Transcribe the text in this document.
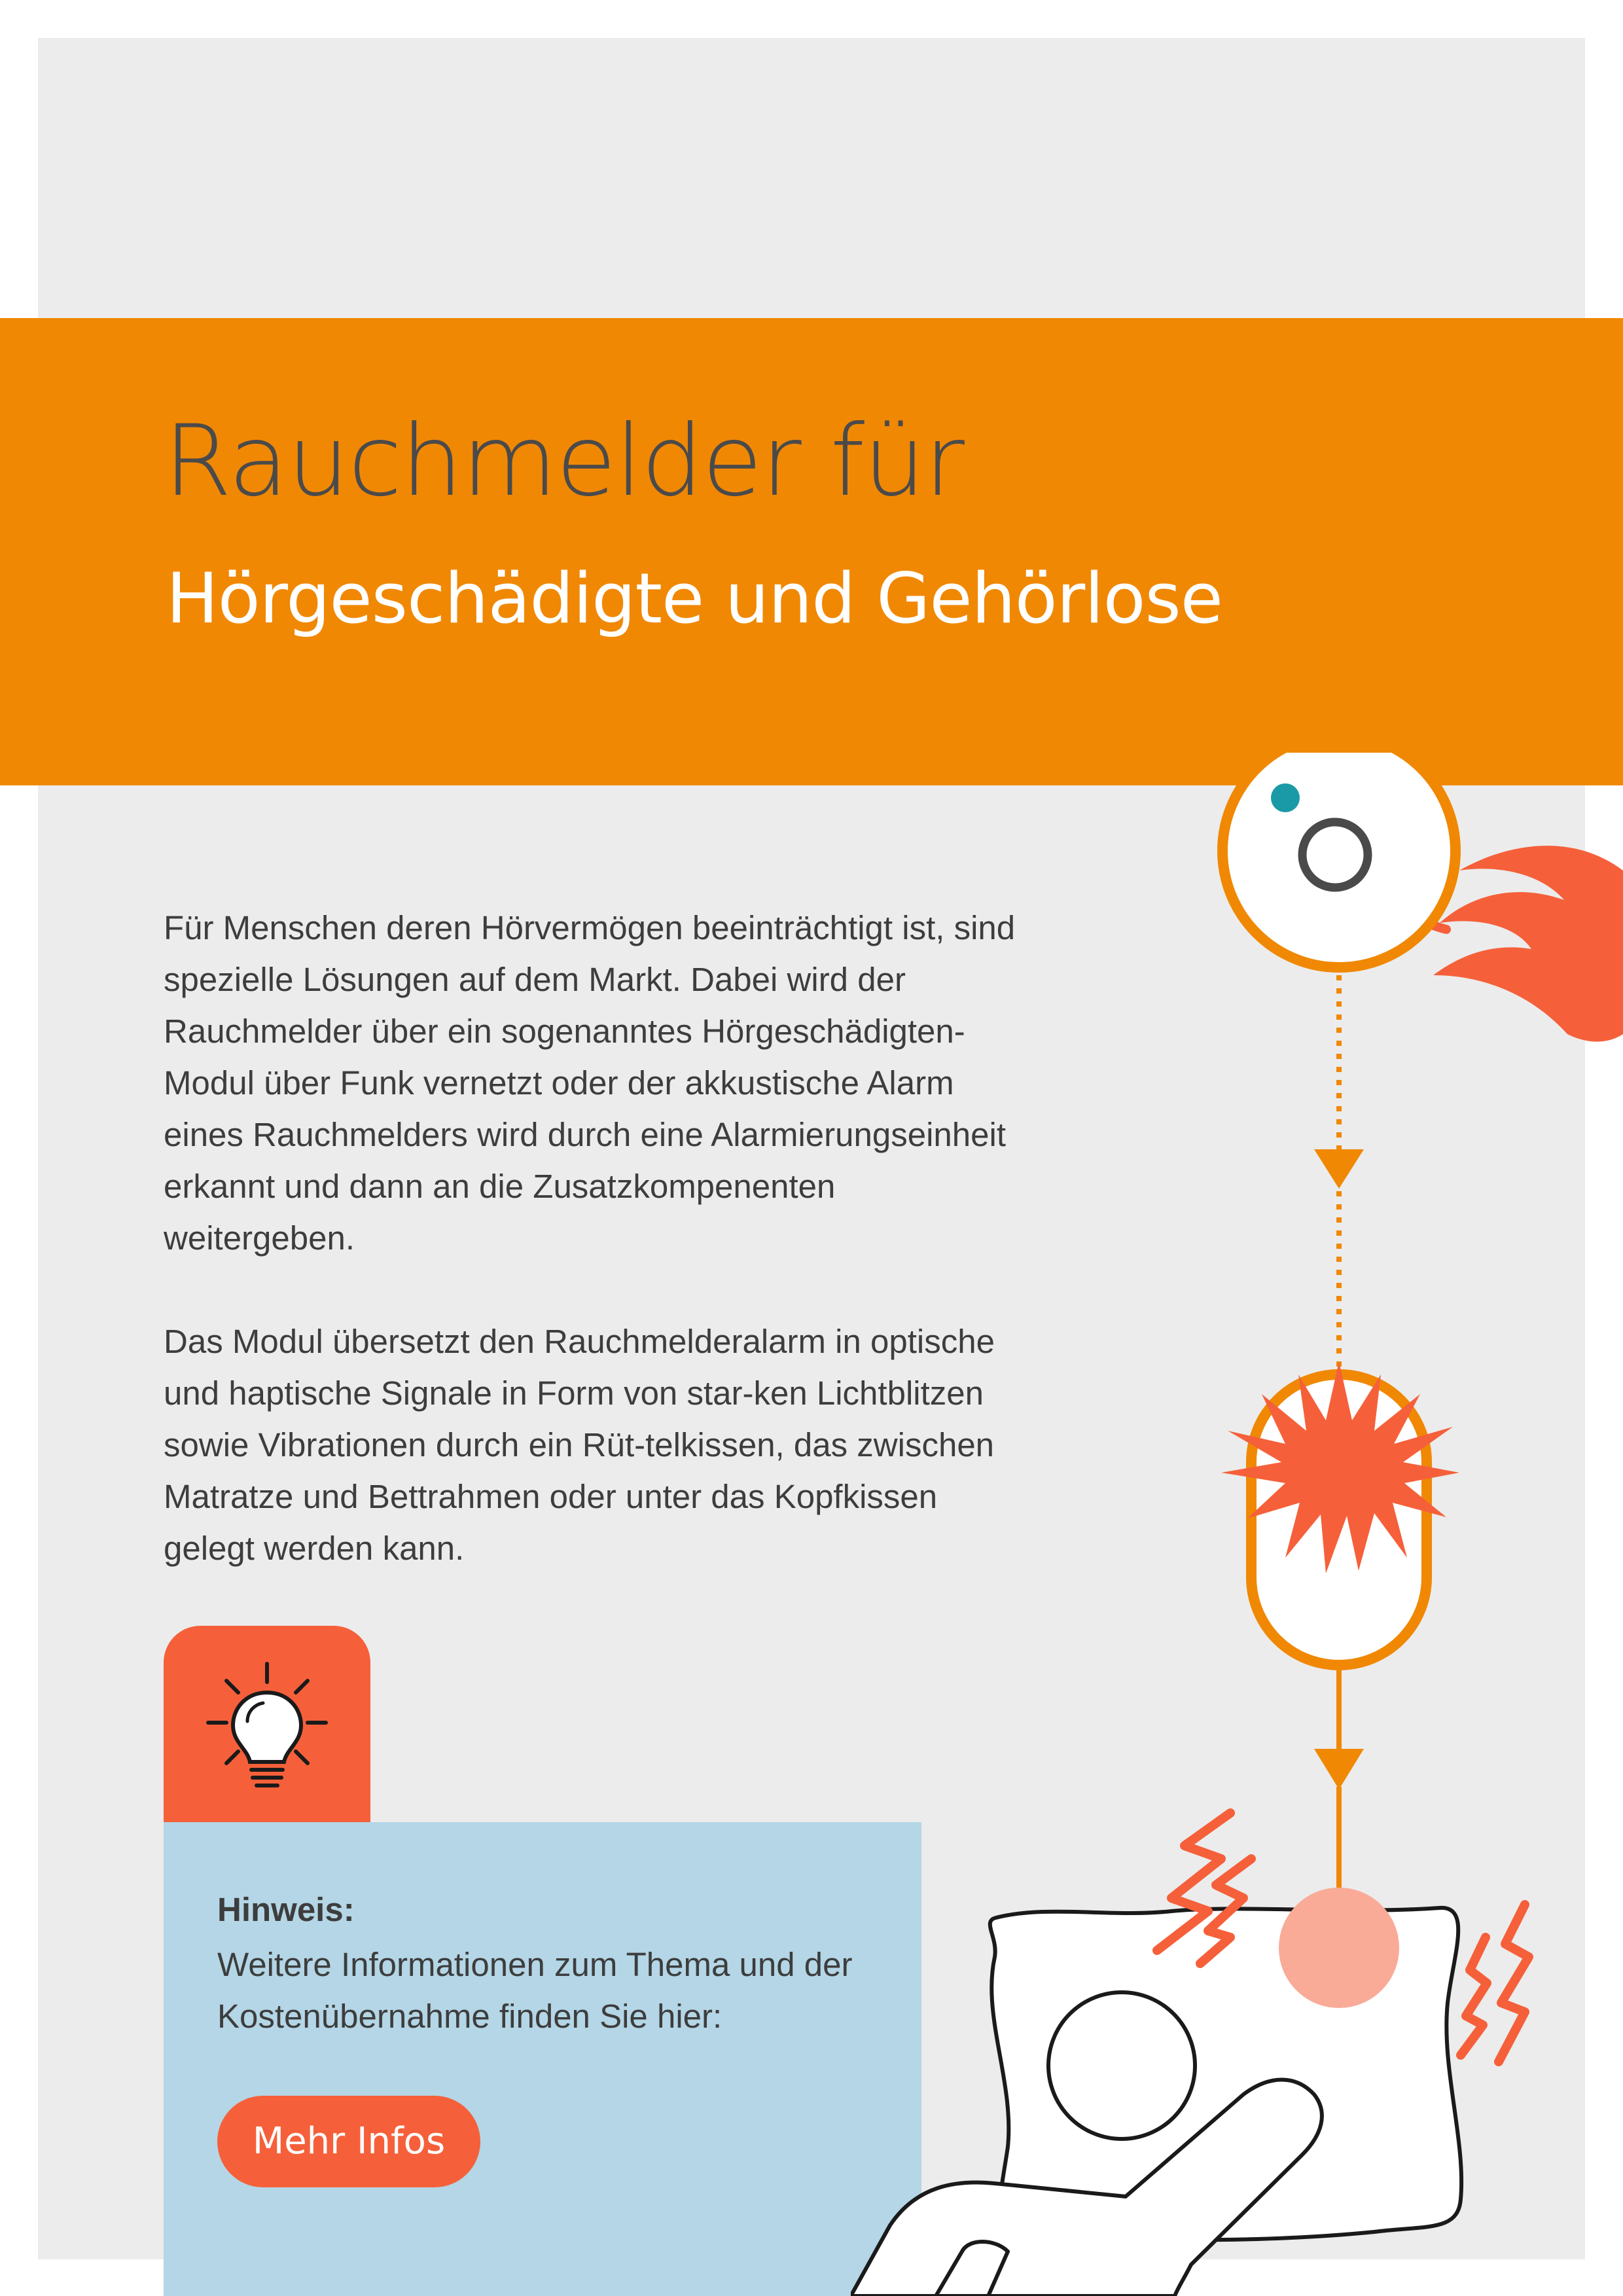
Rauchmelder für
Hörgeschädigte und Gehörlose

Für Menschen deren Hörvermögen beeinträchtigt ist, sind spezielle Lösungen auf dem Markt. Dabei wird der Rauchmelder über ein sogenanntes Hörgeschädigten-Modul über Funk vernetzt oder der akkustische Alarm eines Rauchmelders wird durch eine Alarmierungseinheit erkannt und dann an die Zusatzkompenenten weitergeben.

Das Modul übersetzt den Rauchmelderalarm in optische und haptische Signale in Form von star-ken Lichtblitzen sowie Vibrationen durch ein Rüt-telkissen, das zwischen Matratze und Bettrahmen oder unter das Kopfkissen gelegt werden kann.

Hinweis:

Weitere Informationen zum Thema und der Kostenübernahme finden Sie hier:

Mehr Infos
